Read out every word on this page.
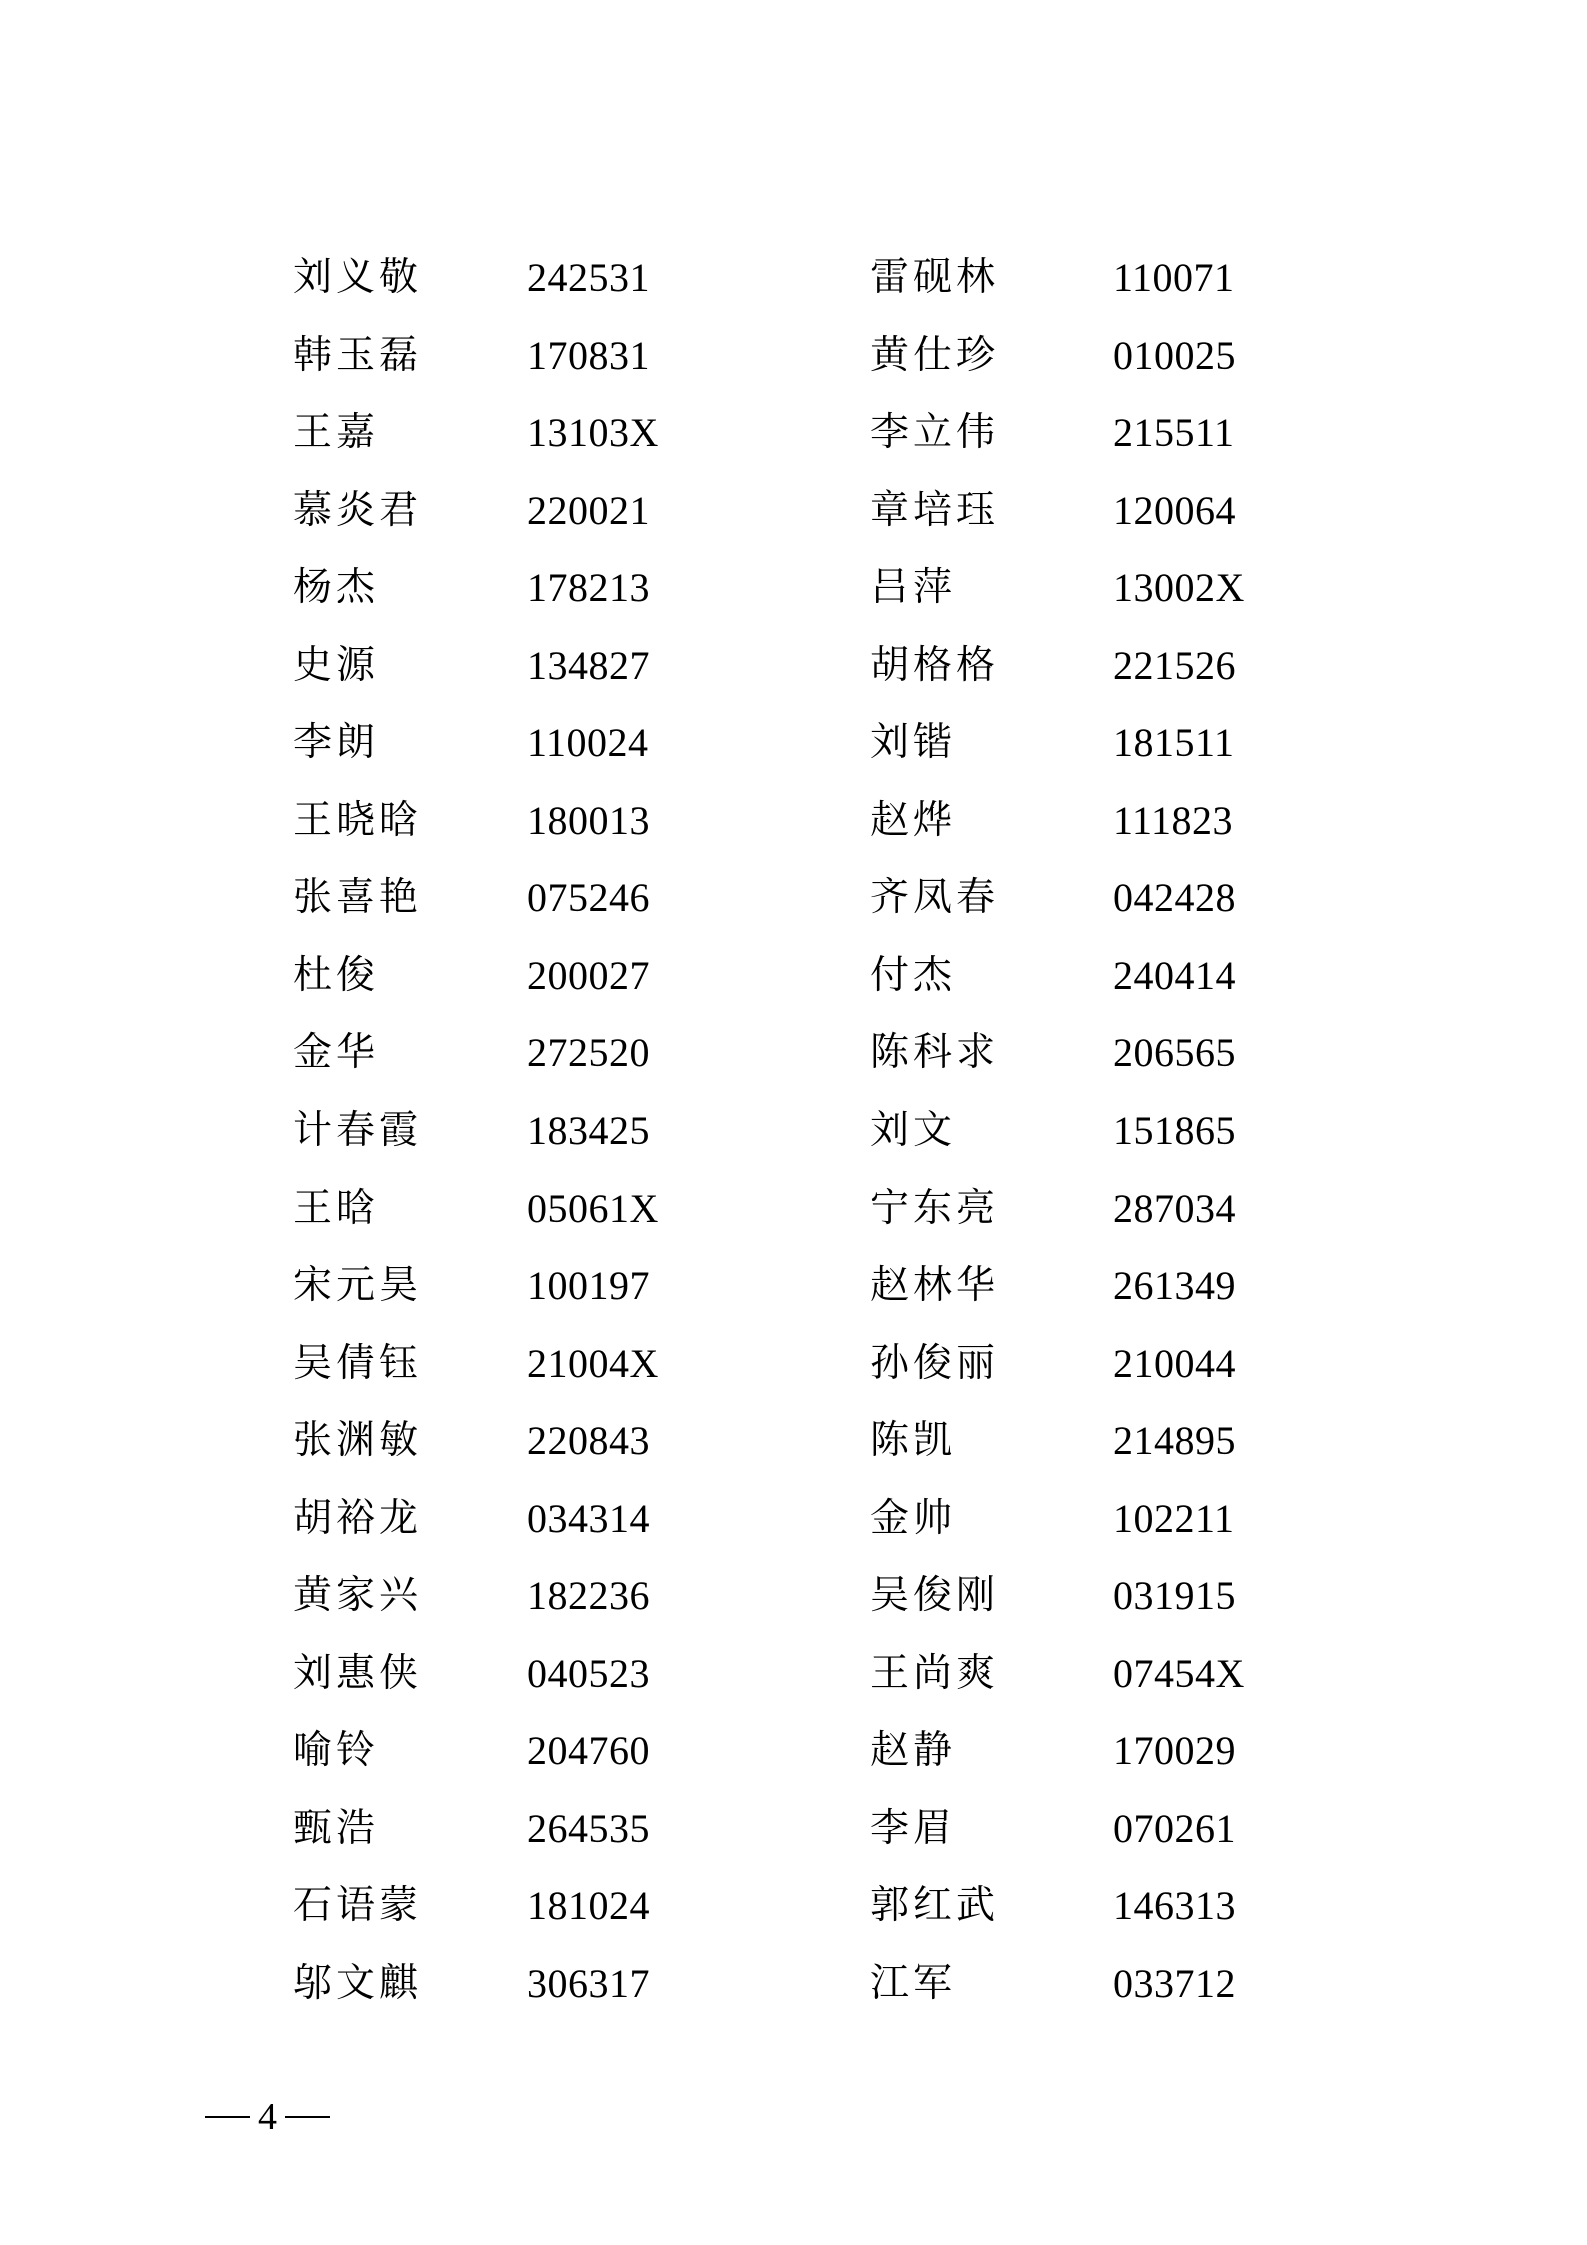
刘义敬	242531	雷砚林	110071
韩玉磊	170831	黄仕珍	010025
王嘉	13103X	李立伟	215511
慕炎君	220021	章培珏	120064
杨杰	178213	吕萍	13002X
史源	134827	胡格格	221526
李朗	110024	刘锴	181511
王晓晗	180013	赵烨	111823
张喜艳	075246	齐凤春	042428
杜俊	200027	付杰	240414
金华	272520	陈科求	206565
计春霞	183425	刘文	151865
王晗	05061X	宁东亮	287034
宋元昊	100197	赵林华	261349
吴倩钰	21004X	孙俊丽	210044
张渊敏	220843	陈凯	214895
胡裕龙	034314	金帅	102211
黄家兴	182236	吴俊刚	031915
刘惠侠	040523	王尚爽	07454X
喻铃	204760	赵静	170029
甄浩	264535	李眉	070261
石语蒙	181024	郭红武	146313
邬文麒	306317	江军	033712
4
